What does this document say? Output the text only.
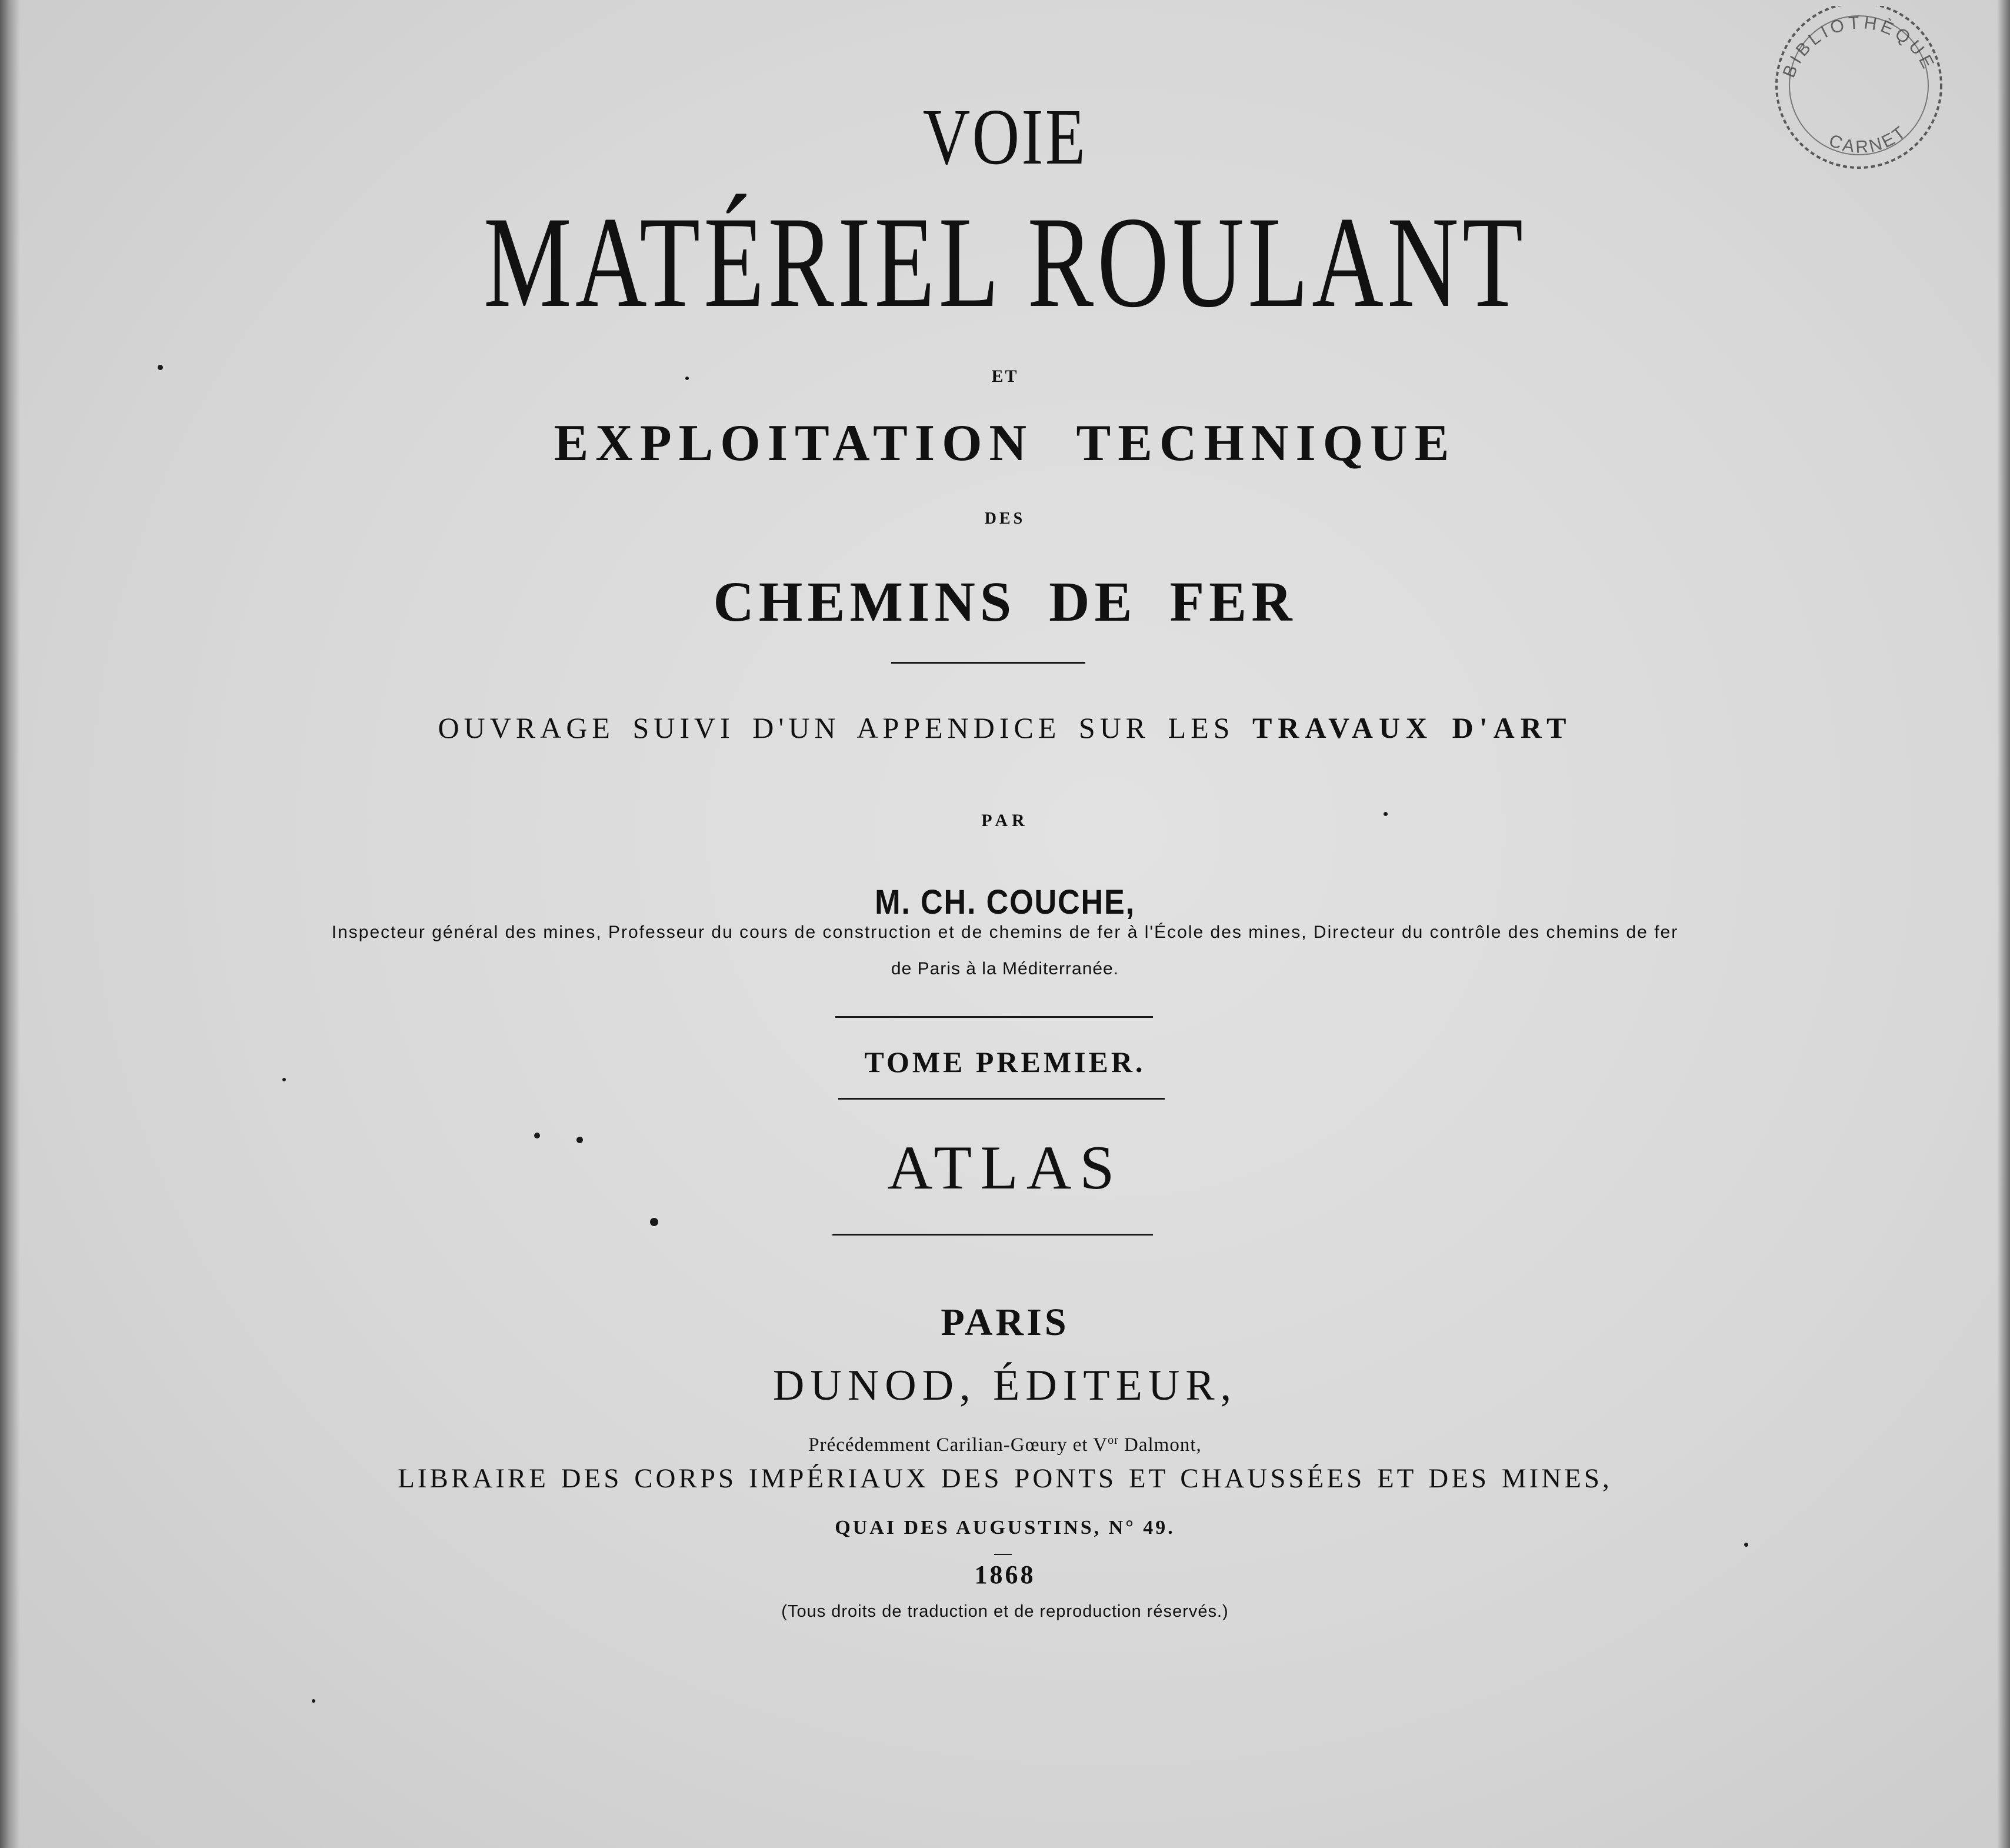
BIBLIOTHÈQUE
CARNET
VOIE
MATÉRIEL ROULANT
ET
EXPLOITATION TECHNIQUE
DES
CHEMINS DE FER
OUVRAGE SUIVI D'UN APPENDICE SUR LES TRAVAUX D'ART
PAR
M. CH. COUCHE,
Inspecteur général des mines, Professeur du cours de construction et de chemins de fer à l'École des mines, Directeur du contrôle des chemins de fer
de Paris à la Méditerranée.
TOME PREMIER.
ATLAS
PARIS
DUNOD, ÉDITEUR,
Précédemment Carilian-Gœury et $V^{or}$ Dalmont,
LIBRAIRE DES CORPS IMPÉRIAUX DES PONTS ET CHAUSSÉES ET DES MINES,
QUAI DES AUGUSTINS, N° 49.
1868
(Tous droits de traduction et de reproduction réservés.)
